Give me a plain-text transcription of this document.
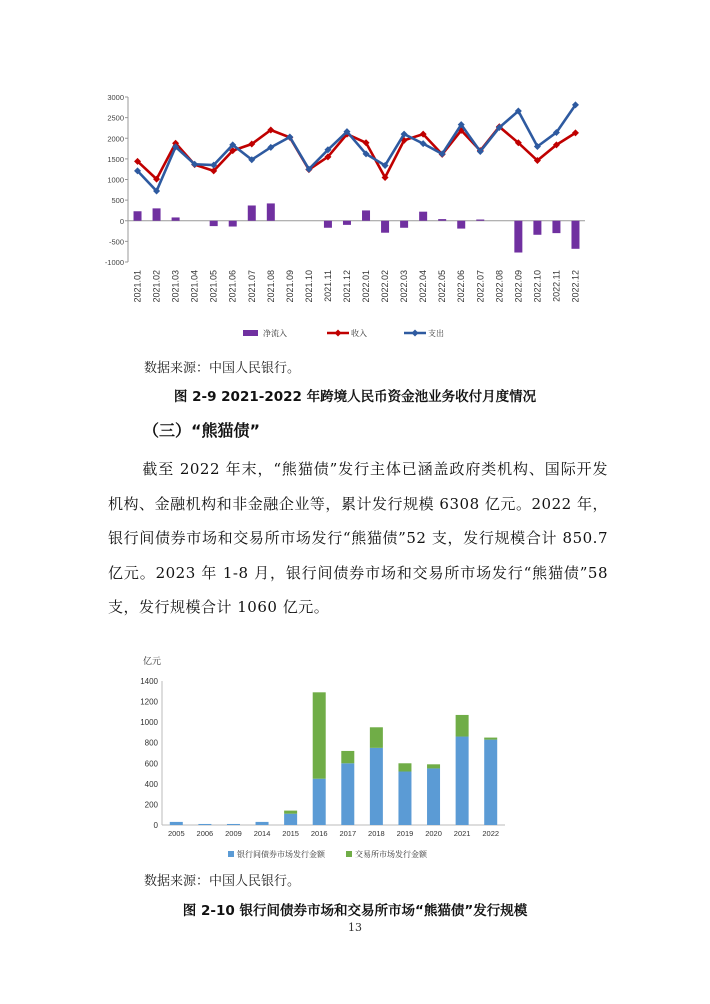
3000
2500
2000
1500
1000
500
0
-500
-1000
2021.01 2021.02 2021.03 2021.04 2021.05 2021.06 2021.07 2021.08 2021.09 2021.10 2021.11 2021.12 2022.01 2022.02 2022.03 2022.04 2022.05 2022.06 2022.07 2022.08 2022.09 2022.10 2022.11 2022.12
净流入	收入	支出
数据来源：中国人民银行。
图 2-9 2021-2022 年跨境人民币资金池业务收付月度情况
（三）“熊猫债”
截至 2022 年末，“熊猫债”发行主体已涵盖政府类机构、国际开发机构、金融机构和非金融企业等，累计发行规模 6308 亿元。2022 年，银行间债券市场和交易所市场发行“熊猫债”52 支，发行规模合计 850.7 亿元。2023 年 1-8 月，银行间债券市场和交易所市场发行“熊猫债”58 支，发行规模合计 1060 亿元。
亿元
1400
1200
1000
800
600
400
200
0
2005 2006 2009 2014 2015 2016 2017 2018 2019 2020 2021 2022
银行间债券市场发行金额	交易所市场发行金额
数据来源：中国人民银行。
图 2-10 银行间债券市场和交易所市场“熊猫债”发行规模
13
